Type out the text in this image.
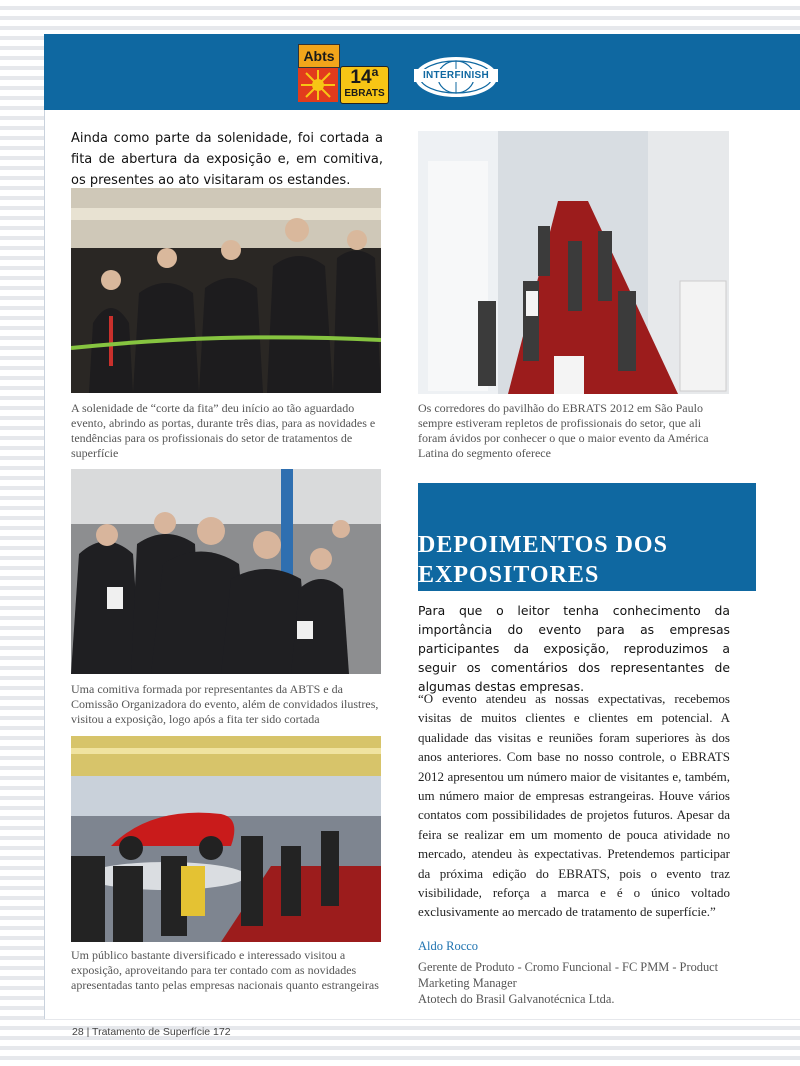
Abts
14ª
EBRATS
INTERFINISH

Ainda como parte da solenidade, foi cortada a fita de abertura da exposição e, em comitiva, os presentes ao ato visitaram os estandes.

A solenidade de “corte da fita” deu início ao tão aguardado evento, abrindo as portas, durante três dias, para as novidades e tendências para os profissionais do setor de tratamentos de superfície

Os corredores do pavilhão do EBRATS 2012 em São Paulo sempre estiveram repletos de profissionais do setor, que ali foram ávidos por conhecer o que o maior evento da América Latina do segmento oferece

Uma comitiva formada por representantes da ABTS e da Comissão Organizadora do evento, além de convidados ilustres, visitou a exposição, logo após a fita ter sido cortada

Um público bastante diversificado e interessado visitou a exposição, aproveitando para ter contado com as novidades apresentadas tanto pelas empresas nacionais quanto estrangeiras

DEPOIMENTOS DOS
EXPOSITORES

Para que o leitor tenha conhecimento da importância do evento para as empresas participantes da exposição, reproduzimos a seguir os comentários dos representantes de algumas destas empresas.

“O evento atendeu as nossas expectativas, recebemos visitas de muitos clientes e clientes em potencial. A qualidade das visitas e reuniões foram superiores às dos anos anteriores. Com base no nosso controle, o EBRATS 2012 apresentou um número maior de visitantes e, também, um número maior de empresas estrangeiras. Houve vários contatos com possibilidades de projetos futuros. Apesar da feira se realizar em um momento de pouca atividade no mercado, atendeu às expectativas. Pretendemos participar da próxima edição do EBRATS, pois o evento traz visibilidade, reforça a marca e é o único voltado exclusivamente ao mercado de tratamento de superfície.”

Aldo Rocco

Gerente de Produto - Cromo Funcional - FC PMM - Product Marketing Manager

Atotech do Brasil Galvanotécnica Ltda.

28 | Tratamento de Superfície 172
